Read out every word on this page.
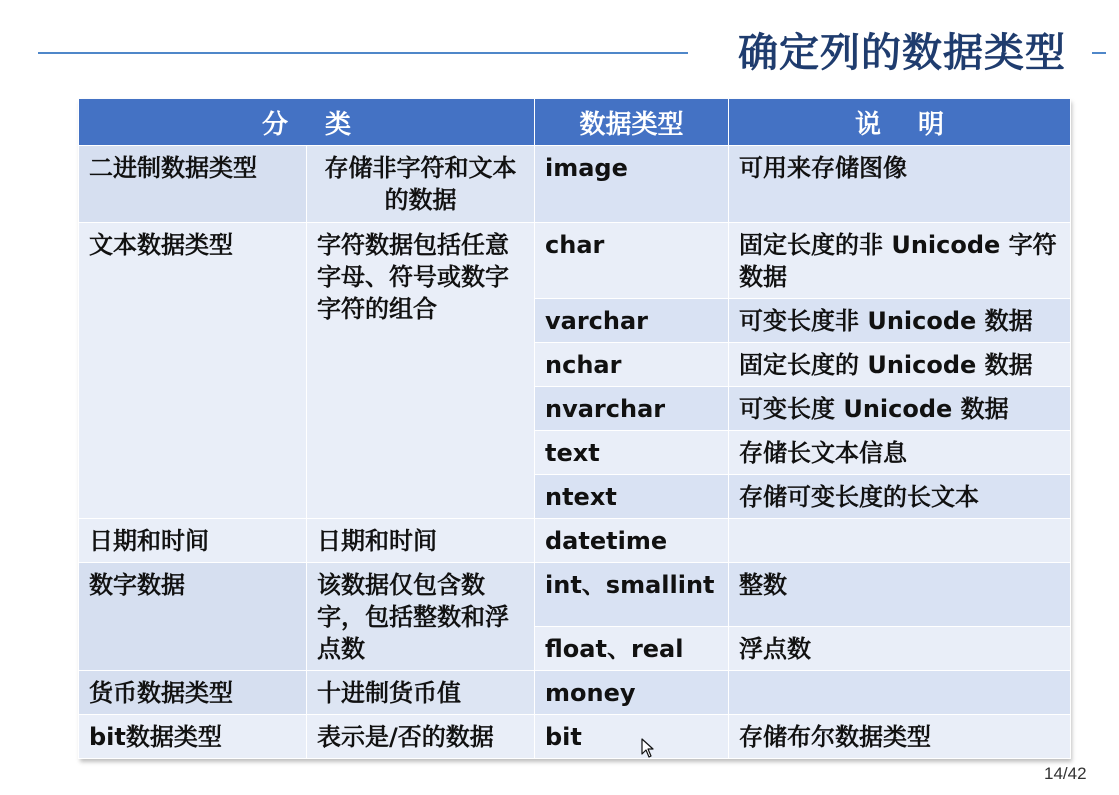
确定列的数据类型
分 类		数据类型	说 明
二进制数据类型	存储非字符和文本的数据	image	可用来存储图像
文本数据类型	字符数据包括任意字母、符号或数字字符的组合	char	固定长度的非 Unicode 字符数据
		varchar	可变长度非 Unicode 数据
		nchar	固定长度的 Unicode 数据
		nvarchar	可变长度 Unicode 数据
		text	存储长文本信息
		ntext	存储可变长度的长文本
日期和时间	日期和时间	datetime	
数字数据	该数据仅包含数字，包括整数和浮点数	int、smallint	整数
		float、real	浮点数
货币数据类型	十进制货币值	money	
bit数据类型	表示是/否的数据	bit	存储布尔数据类型
14/42
